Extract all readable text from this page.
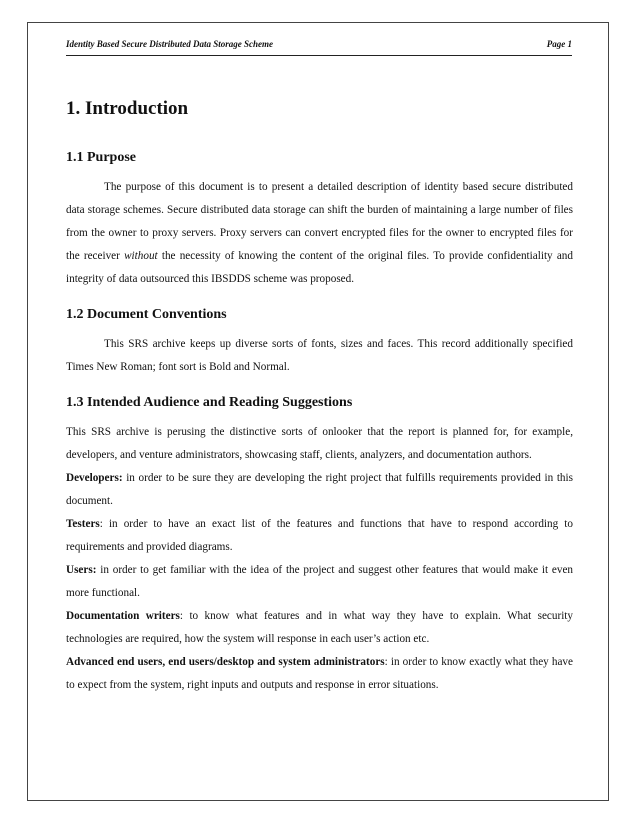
Identity Based Secure Distributed Data Storage Scheme	Page 1
1. Introduction
1.1 Purpose

The purpose of this document is to present a detailed description of identity based secure distributed data storage schemes. Secure distributed data storage can shift the burden of maintaining a large number of files from the owner to proxy servers. Proxy servers can convert encrypted files for the owner to encrypted files for the receiver without the necessity of knowing the content of the original files. To provide confidentiality and integrity of data outsourced this IBSDDS scheme was proposed.

1.2 Document Conventions

This SRS archive keeps up diverse sorts of fonts, sizes and faces. This record additionally specified Times New Roman; font sort is Bold and Normal.

1.3 Intended Audience and Reading Suggestions

This SRS archive is perusing the distinctive sorts of onlooker that the report is planned for, for example, developers, and venture administrators, showcasing staff, clients, analyzers, and documentation authors.

Developers: in order to be sure they are developing the right project that fulfills requirements provided in this document.

Testers: in order to have an exact list of the features and functions that have to respond according to requirements and provided diagrams.

Users: in order to get familiar with the idea of the project and suggest other features that would make it even more functional.

Documentation writers: to know what features and in what way they have to explain. What security technologies are required, how the system will response in each user’s action etc.

Advanced end users, end users/desktop and system administrators: in order to know exactly what they have to expect from the system, right inputs and outputs and response in error situations.
